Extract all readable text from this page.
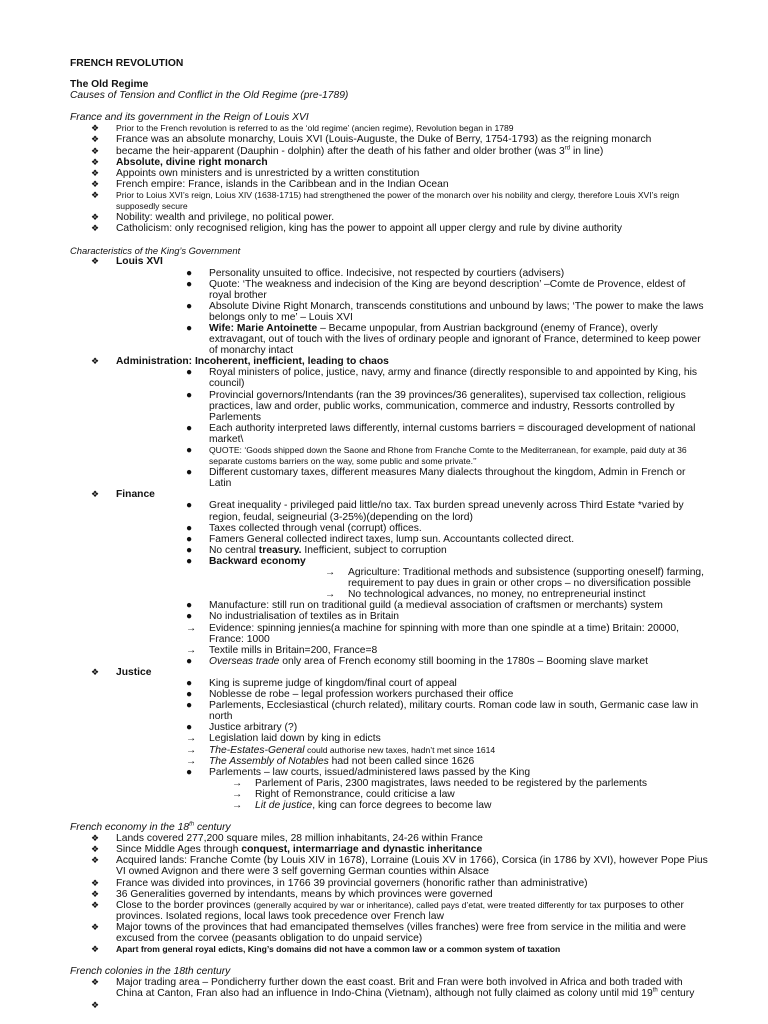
FRENCH REVOLUTION
The Old Regime
Causes of Tension and Conflict in the Old Regime (pre-1789)
France and its government in the Reign of Louis XVI
❖ Prior to the French revolution is referred to as the ‘old regime’ (ancien regime), Revolution began in 1789
❖ France was an absolute monarchy, Louis XVI (Louis-Auguste, the Duke of Berry, 1754-1793) as the reigning monarch
❖ became the heir-apparent (Dauphin - dolphin) after the death of his father and older brother (was 3rd in line)
❖ Absolute, divine right monarch
❖ Appoints own ministers and is unrestricted by a written constitution
❖ French empire: France, islands in the Caribbean and in the Indian Ocean
❖ Prior to Loius XVI’s reign, Loius XIV (1638-1715) had strengthened the power of the monarch over his nobility and clergy, therefore Louis XVI’s reign supposedly secure
❖ Nobility: wealth and privilege, no political power.
❖ Catholicism: only recognised religion, king has the power to appoint all upper clergy and rule by divine authority
Characteristics of the King’s Government
❖ Louis XVI
● Personality unsuited to office. Indecisive, not respected by courtiers (advisers)
● Quote: ‘The weakness and indecision of the King are beyond description’ –Comte de Provence, eldest of royal brother
● Absolute Divine Right Monarch, transcends constitutions and unbound by laws; ‘The power to make the laws belongs only to me’ – Louis XVI
● Wife: Marie Antoinette – Became unpopular, from Austrian background (enemy of France), overly extravagant, out of touch with the lives of ordinary people and ignorant of France, determined to keep power of monarchy intact
❖ Administration: Incoherent, inefficient, leading to chaos
● Royal ministers of police, justice, navy, army and finance (directly responsible to and appointed by King, his council)
● Provincial governors/Intendants (ran the 39 provinces/36 generalites), supervised tax collection, religious practices, law and order, public works, communication, commerce and industry, Ressorts controlled by Parlements
● Each authority interpreted laws differently, internal customs barriers = discouraged development of national market\
● QUOTE: ‘Goods shipped down the Saone and Rhone from Franche Comte to the Mediterranean, for example, paid duty at 36 separate customs barriers on the way, some public and some private.’’
● Different customary taxes, different measures Many dialects throughout the kingdom, Admin in French or Latin
❖ Finance
● Great inequality - privileged paid little/no tax. Tax burden spread unevenly across Third Estate *varied by region, feudal, seigneurial (3-25%)(depending on the lord)
● Taxes collected through venal (corrupt) offices.
● Famers General collected indirect taxes, lump sun. Accountants collected direct.
● No central treasury. Inefficient, subject to corruption
● Backward economy
→ Agriculture: Traditional methods and subsistence (supporting oneself) farming, requirement to pay dues in grain or other crops – no diversification possible
→ No technological advances, no money, no entrepreneurial instinct
● Manufacture: still run on traditional guild (a medieval association of craftsmen or merchants) system
● No industrialisation of textiles as in Britain
→ Evidence: spinning jennies(a machine for spinning with more than one spindle at a time) Britain: 20000, France: 1000
→ Textile mills in Britain=200, France=8
● Overseas trade only area of French economy still booming in the 1780s – Booming slave market
❖ Justice
● King is supreme judge of kingdom/final court of appeal
● Noblesse de robe – legal profession workers purchased their office
● Parlements, Ecclesiastical (church related), military courts. Roman code law in south, Germanic case law in north
● Justice arbitrary (?)
→ Legislation laid down by king in edicts
→ The-Estates-General could authorise new taxes, hadn’t met since 1614
→ The Assembly of Notables had not been called since 1626
● Parlements – law courts, issued/administered laws passed by the King
→ Parlement of Paris, 2300 magistrates, laws needed to be registered by the parlements
→ Right of Remonstrance, could criticise a law
→ Lit de justice, king can force degrees to become law
French economy in the 18th century
❖ Lands covered 277,200 square miles, 28 million inhabitants, 24-26 within France
❖ Since Middle Ages through conquest, intermarriage and dynastic inheritance
❖ Acquired lands: Franche Comte (by Louis XIV in 1678), Lorraine (Louis XV in 1766), Corsica (in 1786 by XVI), however Pope Pius VI owned Avignon and there were 3 self governing German counties within Alsace
❖ France was divided into provinces, in 1766 39 provincial governers (honorific rather than administrative)
❖ 36 Generalities governed by intendants, means by which provinces were governed
❖ Close to the border provinces (generally acquired by war or inheritance), called pays d’etat, were treated differently for tax purposes to other provinces. Isolated regions, local laws took precedence over French law
❖ Major towns of the provinces that had emancipated themselves (villes franches) were free from service in the militia and were excused from the corvee (peasants obligation to do unpaid service)
❖ Apart from general royal edicts, King’s domains did not have a common law or a common system of taxation
French colonies in the 18th century
❖ Major trading area – Pondicherry further down the east coast. Brit and Fran were both involved in Africa and both traded with China at Canton, Fran also had an influence in Indo-China (Vietnam), although not fully claimed as colony until mid 19th century
❖
